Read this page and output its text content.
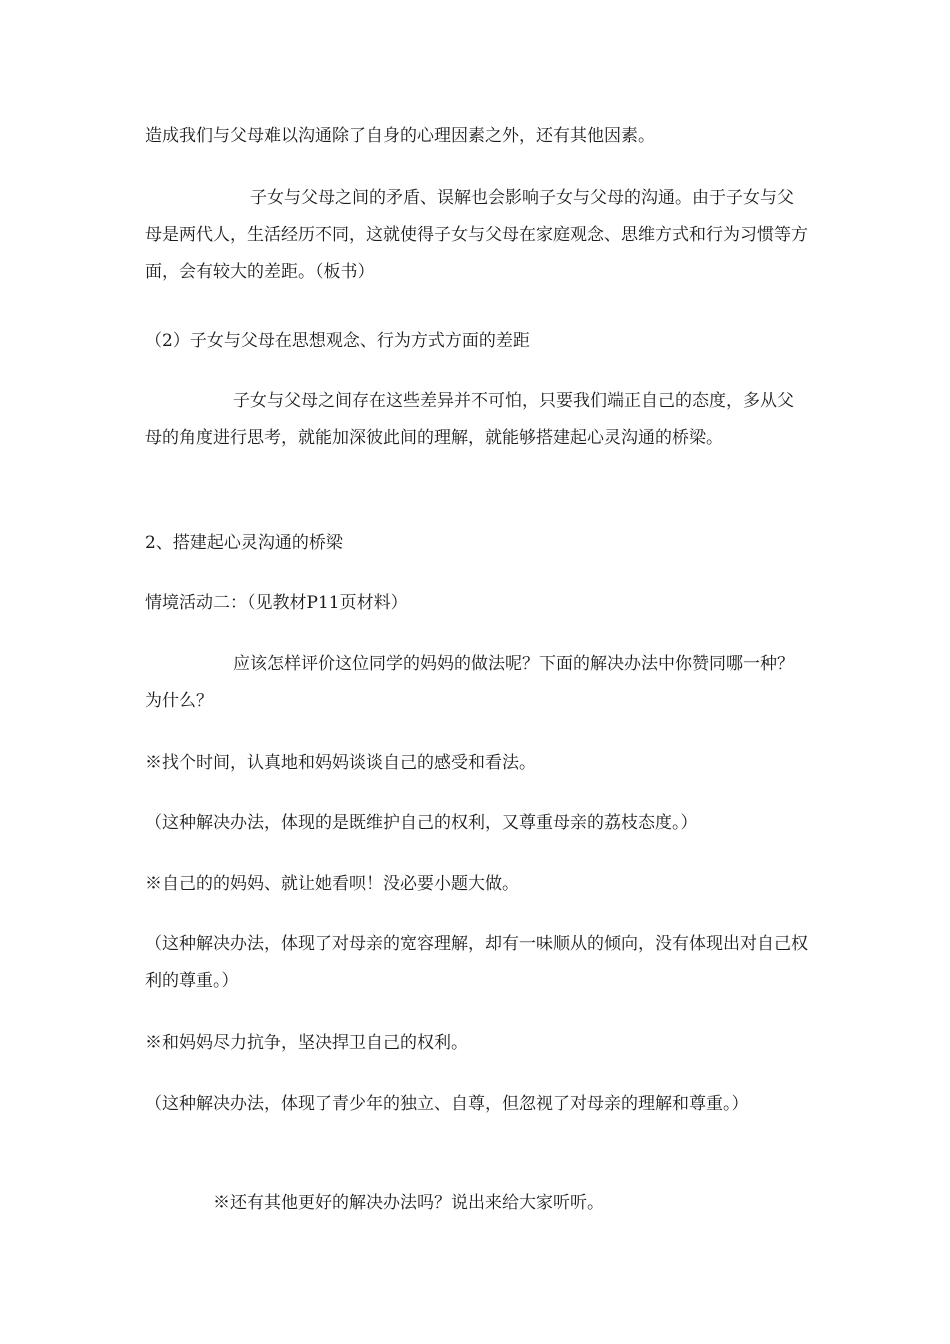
造成我们与父母难以沟通除了自身的心理因素之外，还有其他因素。

子女与父母之间的矛盾、误解也会影响子女与父母的沟通。由于子女与父母是两代人，生活经历不同，这就使得子女与父母在家庭观念、思维方式和行为习惯等方面，会有较大的差距。（板书）

（2）子女与父母在思想观念、行为方式方面的差距

子女与父母之间存在这些差异并不可怕，只要我们端正自己的态度，多从父母的角度进行思考，就能加深彼此间的理解，就能够搭建起心灵沟通的桥梁。

2、搭建起心灵沟通的桥梁

情境活动二：（见教材P11页材料）

应该怎样评价这位同学的妈妈的做法呢？下面的解决办法中你赞同哪一种？为什么？

※找个时间，认真地和妈妈谈谈自己的感受和看法。

（这种解决办法，体现的是既维护自己的权利，又尊重母亲的荔枝态度。）

※自己的的妈妈、就让她看呗！没必要小题大做。

（这种解决办法，体现了对母亲的宽容理解，却有一味顺从的倾向，没有体现出对自己权利的尊重。）

※和妈妈尽力抗争，坚决捍卫自己的权利。

（这种解决办法，体现了青少年的独立、自尊，但忽视了对母亲的理解和尊重。）

※还有其他更好的解决办法吗？说出来给大家听听。
